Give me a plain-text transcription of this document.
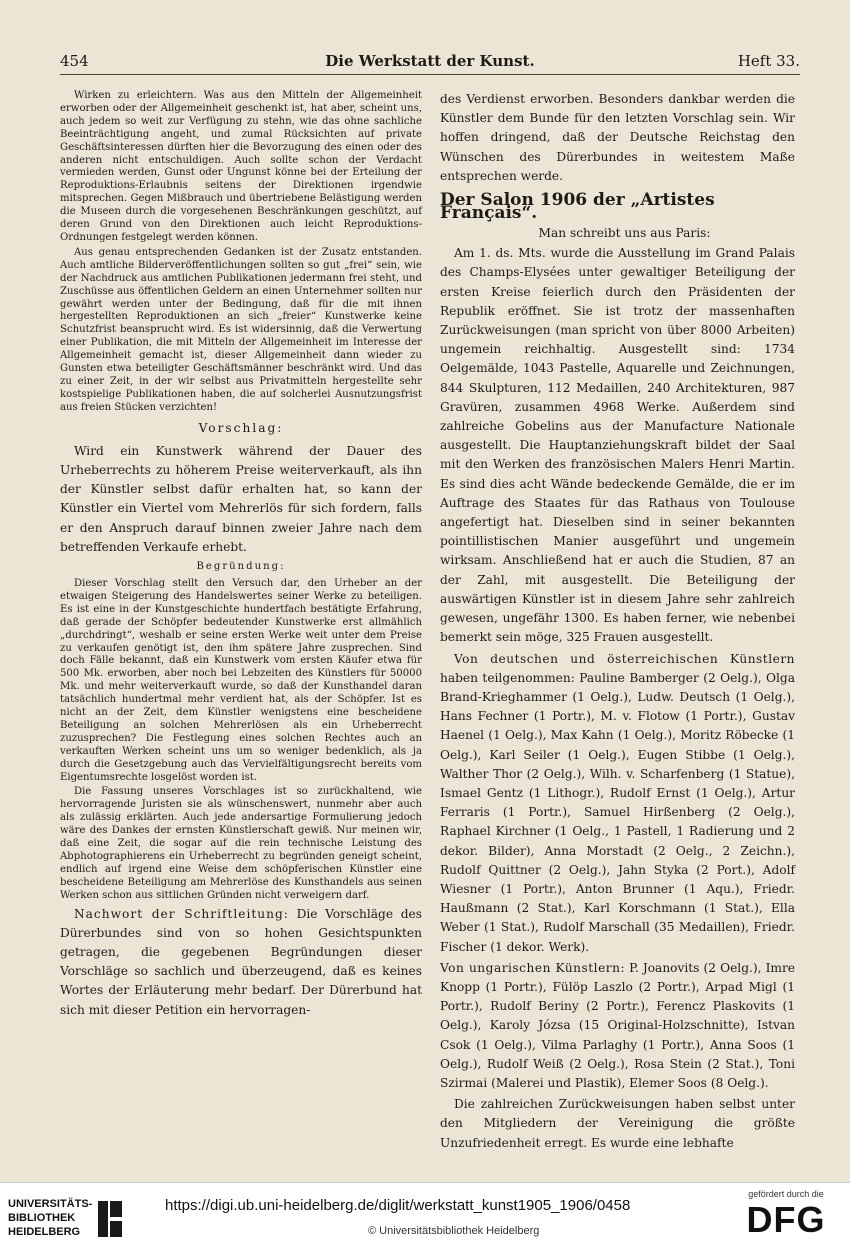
454	Die Werkstatt der Kunst.	Heft 33.

Wirken zu erleichtern. Was aus den Mitteln der Allgemeinheit erworben oder der Allgemeinheit geschenkt ist, hat aber, scheint uns, auch jedem so weit zur Verfügung zu stehn, wie das ohne sachliche Beeinträchtigung angeht, und zumal Rücksichten auf private Geschäftsinteressen dürften hier die Bevorzugung des einen oder des anderen nicht entschuldigen. Auch sollte schon der Verdacht vermieden werden, Gunst oder Ungunst könne bei der Erteilung der Reproduktions-Erlaubnis seitens der Direktionen irgendwie mitsprechen. Gegen Mißbrauch und übertriebene Belästigung werden die Museen durch die vorgesehenen Beschränkungen geschützt, auf deren Grund von den Direktionen auch leicht Reproduktions-Ordnungen festgelegt werden können.

Aus genau entsprechenden Gedanken ist der Zusatz entstanden. Auch amtliche Bilderveröffentlichungen sollten so gut „frei“ sein, wie der Nachdruck aus amtlichen Publikationen jedermann frei steht, und Zuschüsse aus öffentlichen Geldern an einen Unternehmer sollten nur gewährt werden unter der Bedingung, daß für die mit ihnen hergestellten Reproduktionen an sich „freier“ Kunstwerke keine Schutzfrist beansprucht wird. Es ist widersinnig, daß die Verwertung einer Publikation, die mit Mitteln der Allgemeinheit im Interesse der Allgemeinheit gemacht ist, dieser Allgemeinheit dann wieder zu Gunsten etwa beteiligter Geschäftsmänner beschränkt wird. Und das zu einer Zeit, in der wir selbst aus Privatmitteln hergestellte sehr kostspielige Publikationen haben, die auf solcherlei Ausnutzungsfrist aus freien Stücken verzichten!

Vorschlag:

Wird ein Kunstwerk während der Dauer des Urheberrechts zu höherem Preise weiterverkauft, als ihn der Künstler selbst dafür erhalten hat, so kann der Künstler ein Viertel vom Mehrerlös für sich fordern, falls er den Anspruch darauf binnen zweier Jahre nach dem betreffenden Verkaufe erhebt.

Begründung:

Dieser Vorschlag stellt den Versuch dar, den Urheber an der etwaigen Steigerung des Handelswertes seiner Werke zu beteiligen. Es ist eine in der Kunstgeschichte hundertfach bestätigte Erfahrung, daß gerade der Schöpfer bedeutender Kunstwerke erst allmählich „durchdringt“, weshalb er seine ersten Werke weit unter dem Preise zu verkaufen genötigt ist, den ihm spätere Jahre zusprechen. Sind doch Fälle bekannt, daß ein Kunstwerk vom ersten Käufer etwa für 500 Mk. erworben, aber noch bei Lebzeiten des Künstlers für 50000 Mk. und mehr weiterverkauft wurde, so daß der Kunsthandel daran tatsächlich hundertmal mehr verdient hat, als der Schöpfer. Ist es nicht an der Zeit, dem Künstler wenigstens eine bescheidene Beteiligung an solchen Mehrerlösen als ein Urheberrecht zuzusprechen? Die Festlegung eines solchen Rechtes auch an verkauften Werken scheint uns um so weniger bedenklich, als ja durch die Gesetzgebung auch das Vervielfältigungsrecht bereits vom Eigentumsrechte losgelöst worden ist.

Die Fassung unseres Vorschlages ist so zurückhaltend, wie hervorragende Juristen sie als wünschenswert, nunmehr aber auch als zulässig erklärten. Auch jede andersartige Formulierung jedoch wäre des Dankes der ernsten Künstlerschaft gewiß. Nur meinen wir, daß eine Zeit, die sogar auf die rein technische Leistung des Abphotographierens ein Urheberrecht zu begründen geneigt scheint, endlich auf irgend eine Weise dem schöpferischen Künstler eine bescheidene Beteiligung am Mehrerlöse des Kunsthandels aus seinen Werken schon aus sittlichen Gründen nicht verweigern darf.

Nachwort der Schriftleitung: Die Vorschläge des Dürerbundes sind von so hohen Gesichtspunkten getragen, die gegebenen Begründungen dieser Vorschläge so sachlich und überzeugend, daß es keines Wortes der Erläuterung mehr bedarf. Der Dürerbund hat sich mit dieser Petition ein hervorragen-

des Verdienst erworben. Besonders dankbar werden die Künstler dem Bunde für den letzten Vorschlag sein. Wir hoffen dringend, daß der Deutsche Reichstag den Wünschen des Dürerbundes in weitestem Maße entsprechen werde.

Der Salon 1906 der „Artistes Français“.

Man schreibt uns aus Paris:

Am 1. ds. Mts. wurde die Ausstellung im Grand Palais des Champs-Elysées unter gewaltiger Beteiligung der ersten Kreise feierlich durch den Präsidenten der Republik eröffnet. Sie ist trotz der massenhaften Zurückweisungen (man spricht von über 8000 Arbeiten) ungemein reichhaltig. Ausgestellt sind: 1734 Oelgemälde, 1043 Pastelle, Aquarelle und Zeichnungen, 844 Skulpturen, 112 Medaillen, 240 Architekturen, 987 Gravüren, zusammen 4968 Werke. Außerdem sind zahlreiche Gobelins aus der Manufacture Nationale ausgestellt. Die Hauptanziehungskraft bildet der Saal mit den Werken des französischen Malers Henri Martin. Es sind dies acht Wände bedeckende Gemälde, die er im Auftrage des Staates für das Rathaus von Toulouse angefertigt hat. Dieselben sind in seiner bekannten pointillistischen Manier ausgeführt und ungemein wirksam. Anschließend hat er auch die Studien, 87 an der Zahl, mit ausgestellt. Die Beteiligung der auswärtigen Künstler ist in diesem Jahre sehr zahlreich gewesen, ungefähr 1300. Es haben ferner, wie nebenbei bemerkt sein möge, 325 Frauen ausgestellt.

Von deutschen und österreichischen Künstlern haben teilgenommen: Pauline Bamberger (2 Oelg.), Olga Brand-Krieghammer (1 Oelg.), Ludw. Deutsch (1 Oelg.), Hans Fechner (1 Portr.), M. v. Flotow (1 Portr.), Gustav Haenel (1 Oelg.), Max Kahn (1 Oelg.), Moritz Röbecke (1 Oelg.), Karl Seiler (1 Oelg.), Eugen Stibbe (1 Oelg.), Walther Thor (2 Oelg.), Wilh. v. Scharfenberg (1 Statue), Ismael Gentz (1 Lithogr.), Rudolf Ernst (1 Oelg.), Artur Ferraris (1 Portr.), Samuel Hirßenberg (2 Oelg.), Raphael Kirchner (1 Oelg., 1 Pastell, 1 Radierung und 2 dekor. Bilder), Anna Morstadt (2 Oelg., 2 Zeichn.), Rudolf Quittner (2 Oelg.), Jahn Styka (2 Port.), Adolf Wiesner (1 Portr.), Anton Brunner (1 Aqu.), Friedr. Haußmann (2 Stat.), Karl Korschmann (1 Stat.), Ella Weber (1 Stat.), Rudolf Marschall (35 Medaillen), Friedr. Fischer (1 dekor. Werk).

Von ungarischen Künstlern: P. Joanovits (2 Oelg.), Imre Knopp (1 Portr.), Fülöp Laszlo (2 Portr.), Arpad Migl (1 Portr.), Rudolf Beriny (2 Portr.), Ferencz Plaskovits (1 Oelg.), Karoly Józsa (15 Original-Holzschnitte), Istvan Csok (1 Oelg.), Vilma Parlaghy (1 Portr.), Anna Soos (1 Oelg.), Rudolf Weiß (2 Oelg.), Rosa Stein (2 Stat.), Toni Szirmai (Malerei und Plastik), Elemer Soos (8 Oelg.).

Die zahlreichen Zurückweisungen haben selbst unter den Mitgliedern der Vereinigung die größte Unzufriedenheit erregt. Es wurde eine lebhafte

UNIVERSITÄTS-BIBLIOTHEK HEIDELBERG
https://digi.ub.uni-heidelberg.de/diglit/werkstatt_kunst1905_1906/0458
© Universitätsbibliothek Heidelberg
gefördert durch die
DFG
